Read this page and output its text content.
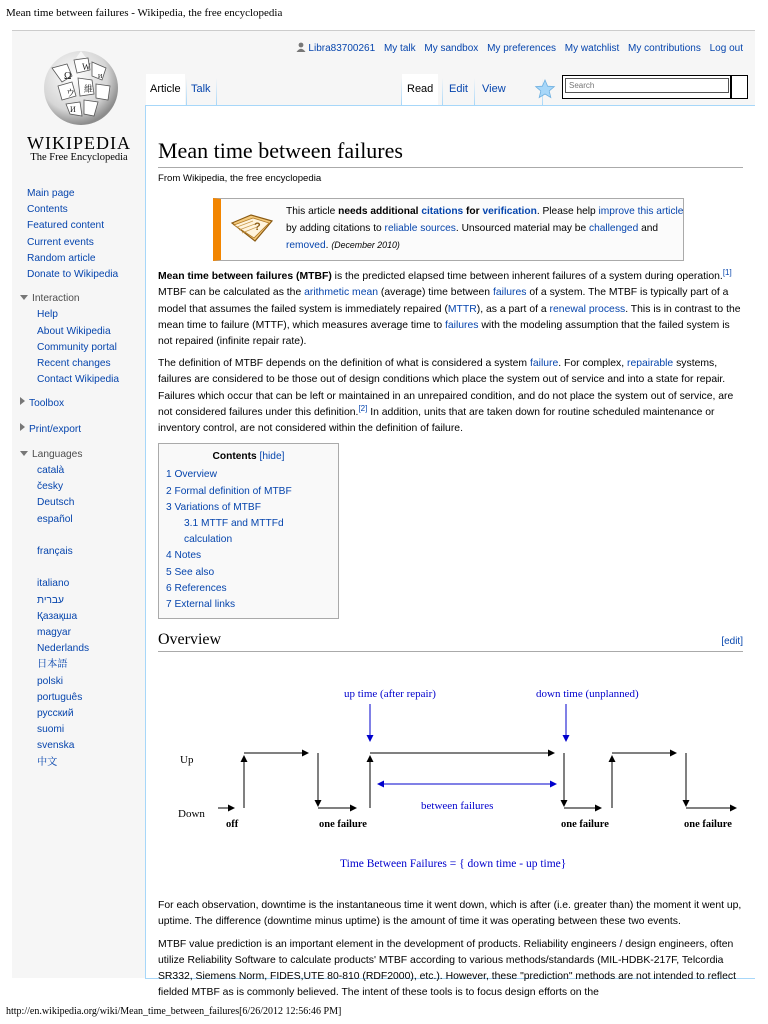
Mean time between failures - Wikipedia, the free encyclopedia
Ω
W
и
ウ 維
И
WIKIPEDIA
The Free Encyclopedia
Libra83700261 My talk My sandbox My preferences My watchlist My contributions Log out
Article Talk	Read	Edit	View
Search
Main page
Contents
Featured content
Current events
Random article
Donate to Wikipedia
Interaction
Help
About Wikipedia
Community portal
Recent changes
Contact Wikipedia
Toolbox
Print/export
Languages
català
česky
Deutsch
español
français
italiano
עברית
Қазақша
magyar
Nederlands
日本語
polski
português
русский
suomi
svenska
中文
Mean time between failures
From Wikipedia, the free encyclopedia
?
This article needs additional citations for verification. Please help improve this article by adding citations to reliable sources. Unsourced material may be challenged and removed. (December 2010)

Mean time between failures (MTBF) is the predicted elapsed time between inherent failures of a system during operation.[1] MTBF can be calculated as the arithmetic mean (average) time between failures of a system. The MTBF is typically part of a model that assumes the failed system is immediately repaired (MTTR), as a part of a renewal process. This is in contrast to the mean time to failure (MTTF), which measures average time to failures with the modeling assumption that the failed system is not repaired (infinite repair rate).

The definition of MTBF depends on the definition of what is considered a system failure. For complex, repairable systems, failures are considered to be those out of design conditions which place the system out of service and into a state for repair. Failures which occur that can be left or maintained in an unrepaired condition, and do not place the system out of service, are not considered failures under this definition.[2] In addition, units that are taken down for routine scheduled maintenance or inventory control, are not considered within the definition of failure.

Contents [hide]
1 Overview
2 Formal definition of MTBF
3 Variations of MTBF
3.1 MTTF and MTTFd calculation
4 Notes
5 See also
6 References
7 External links
Overview	[edit]
up time (after repair)	down time (unplanned)
Up
Down
between failures
off	one failure	one failure	one failure
Time Between Failures = { down time - up time}

For each observation, downtime is the instantaneous time it went down, which is after (i.e. greater than) the moment it went up, uptime. The difference (downtime minus uptime) is the amount of time it was operating between these two events.

MTBF value prediction is an important element in the development of products. Reliability engineers / design engineers, often utilize Reliability Software to calculate products' MTBF according to various methods/standards (MIL-HDBK-217F, Telcordia SR332, Siemens Norm, FIDES,UTE 80-810 (RDF2000), etc.). However, these "prediction" methods are not intended to reflect fielded MTBF as is commonly believed. The intent of these tools is to focus design efforts on the

http://en.wikipedia.org/wiki/Mean_time_between_failures[6/26/2012 12:56:46 PM]
